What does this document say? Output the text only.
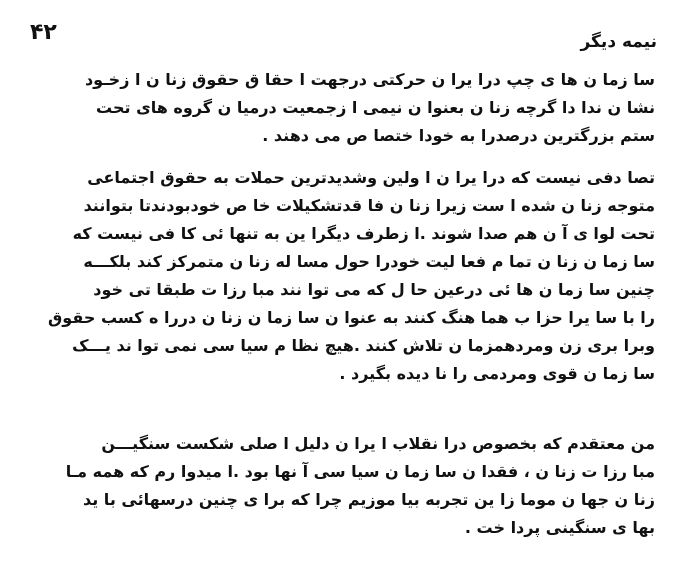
۴۲	نیمه دیگر
سا زما ن ها ی چپ درا یرا ن حرکتی درجهت ا حقا ق حقوق زنا ن ا زخـود
نشا ن ندا دا گرچه زنا ن بعنوا ن نیمی ا زجمعیت درمیا ن گروه های تحت
ستم بزرگترین درصدرا به خودا ختصا ص می دهند .
تصا دفی نیست که درا یرا ن ا ولین وشدیدترین حملات به حقوق اجتماعی
متوجه زنا ن شده ا ست زیرا زنا ن فا قدتشکیلات خا ص خودبودندتا بتوانند
تحت لوا ی آ ن هم صدا شوند .ا زطرف دیگرا ین به تنها ئی کا فی نیست که
سا زما ن زنا ن تما م فعا لیت خودرا حول مسا له زنا ن متمرکز کند بلکـــه
چنین سا زما ن ها ئی درعین حا ل که می توا نند مبا رزا ت طبقا تی خود
را با سا یرا حزا ب هما هنگ کنند به عنوا ن سا زما ن زنا ن دررا ه کسب حقوق
وبرا بری زن ومردهمزما ن تلاش کنند .هیچ نظا م سیا سی نمی توا ند یـــک
سا زما ن قوی ومردمی را نا دیده بگیرد .
من معتقدم که بخصوص درا نقلاب ا یرا ن دلیل ا صلی شکست سنگیـــن
مبا رزا ت زنا ن ، فقدا ن سا زما ن سیا سی آ نها بود .ا میدوا رم که همه مـا
زنا ن جها ن موما زا ین تجربه بیا موزیم چرا که برا ی چنین درسهائی با ید
بها ی سنگینی پردا خت .
